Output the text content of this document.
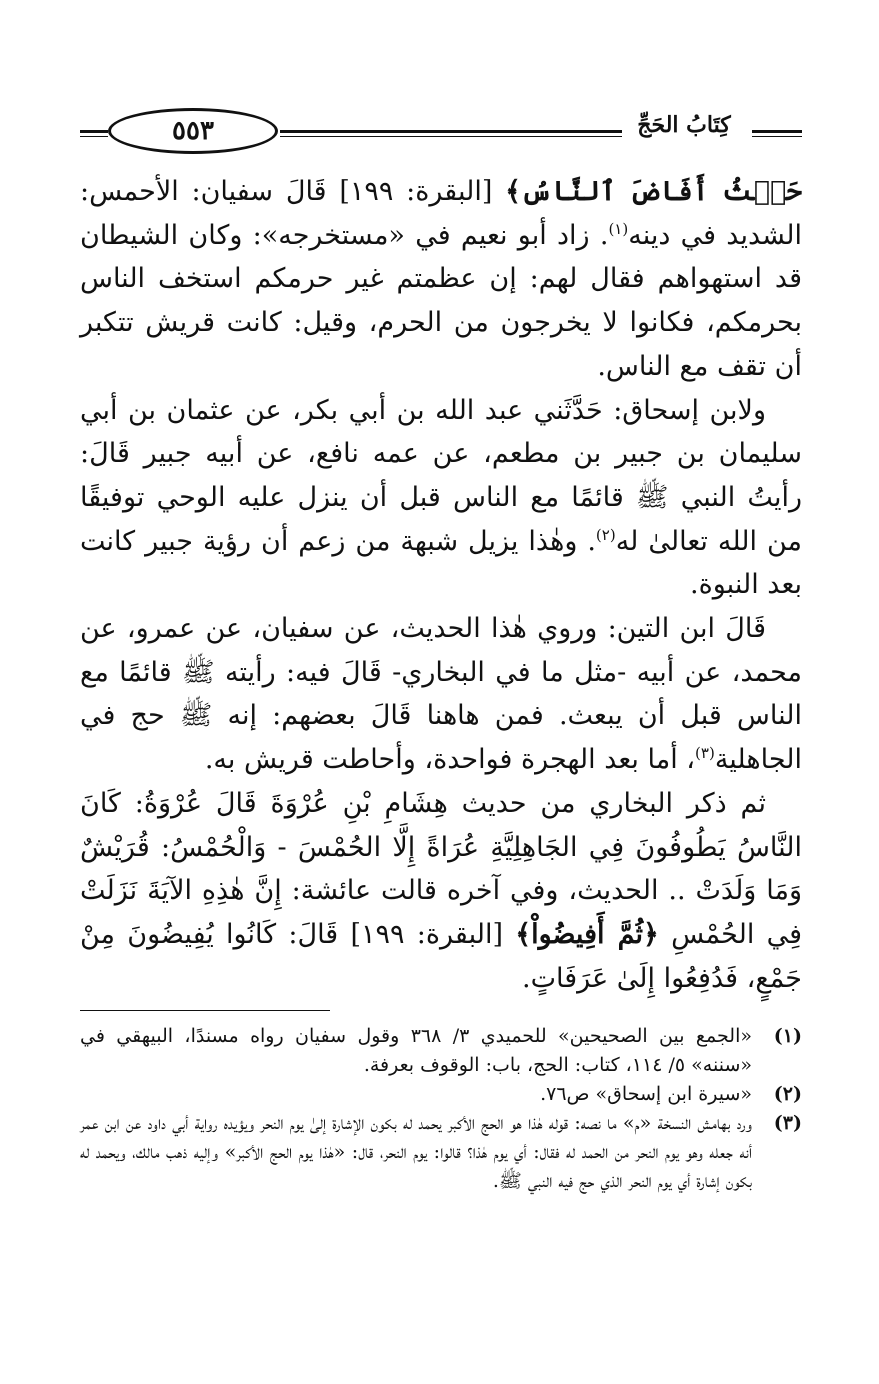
٥٥٣	كِتَابُ الحَجِّ

حَيۡثُ أَفَاضَ ٱلنَّاسُ﴾ [البقرة: ١٩٩] قَالَ سفيان: الأحمس: الشديد في دينه$^{(١)}$. زاد أبو نعيم في «مستخرجه»: وكان الشيطان قد استهواهم فقال لهم: إن عظمتم غير حرمكم استخف الناس بحرمكم، فكانوا لا يخرجون من الحرم، وقيل: كانت قريش تتكبر أن تقف مع الناس.

ولابن إسحاق: حَدَّثَني عبد الله بن أبي بكر، عن عثمان بن أبي سليمان بن جبير بن مطعم، عن عمه نافع، عن أبيه جبير قَالَ: رأيتُ النبي ﷺ قائمًا مع الناس قبل أن ينزل عليه الوحي توفيقًا من الله تعالىٰ له$^{(٢)}$. وهٰذا يزيل شبهة من زعم أن رؤية جبير كانت بعد النبوة.

قَالَ ابن التين: وروي هٰذا الحديث، عن سفيان، عن عمرو، عن محمد، عن أبيه -مثل ما في البخاري- قَالَ فيه: رأيته ﷺ قائمًا مع الناس قبل أن يبعث. فمن هاهنا قَالَ بعضهم: إنه ﷺ حج في الجاهلية$^{(٣)}$، أما بعد الهجرة فواحدة، وأحاطت قريش به.

ثم ذكر البخاري من حديث هِشَامِ بْنِ عُرْوَةَ قَالَ عُرْوَةُ: كَانَ النَّاسُ يَطُوفُونَ فِي الجَاهِلِيَّةِ عُرَاةً إِلَّا الحُمْسَ - وَالْحُمْسُ: قُرَيْشٌ وَمَا وَلَدَتْ .. الحديث، وفي آخره قالت عائشة: إِنَّ هٰذِهِ الآيَةَ نَزَلَتْ فِي الحُمْسِ ﴿ثُمَّ أَفِيضُواْ﴾ [البقرة: ١٩٩] قَالَ: كَانُوا يُفِيضُونَ مِنْ جَمْعٍ، فَدُفِعُوا إِلَىٰ عَرَفَاتٍ.

(١)
«الجمع بين الصحيحين» للحميدي ٣/ ٣٦٨ وقول سفيان رواه مسندًا، البيهقي في «سننه» ٥/ ١١٤، كتاب: الحج، باب: الوقوف بعرفة.
(٢)
«سيرة ابن إسحاق» ص٧٦.
(٣)
ورد بهامش النسخة «م» ما نصه: قوله هٰذا هو الحج الأكبر يحمد له بكون الإشارة إلىٰ يوم النحر ويؤيده رواية أبي داود عن ابن عمر أنه جعله وهو يوم النحر من الحمد له فقال: أي يوم هٰذا؟ قالوا: يوم النحر، قال: «هٰذا يوم الحج الأكبر» وإليه ذهب مالك، ويحمد له بكون إشارة أي يوم النحر الذي حج فيه النبي ﷺ.
